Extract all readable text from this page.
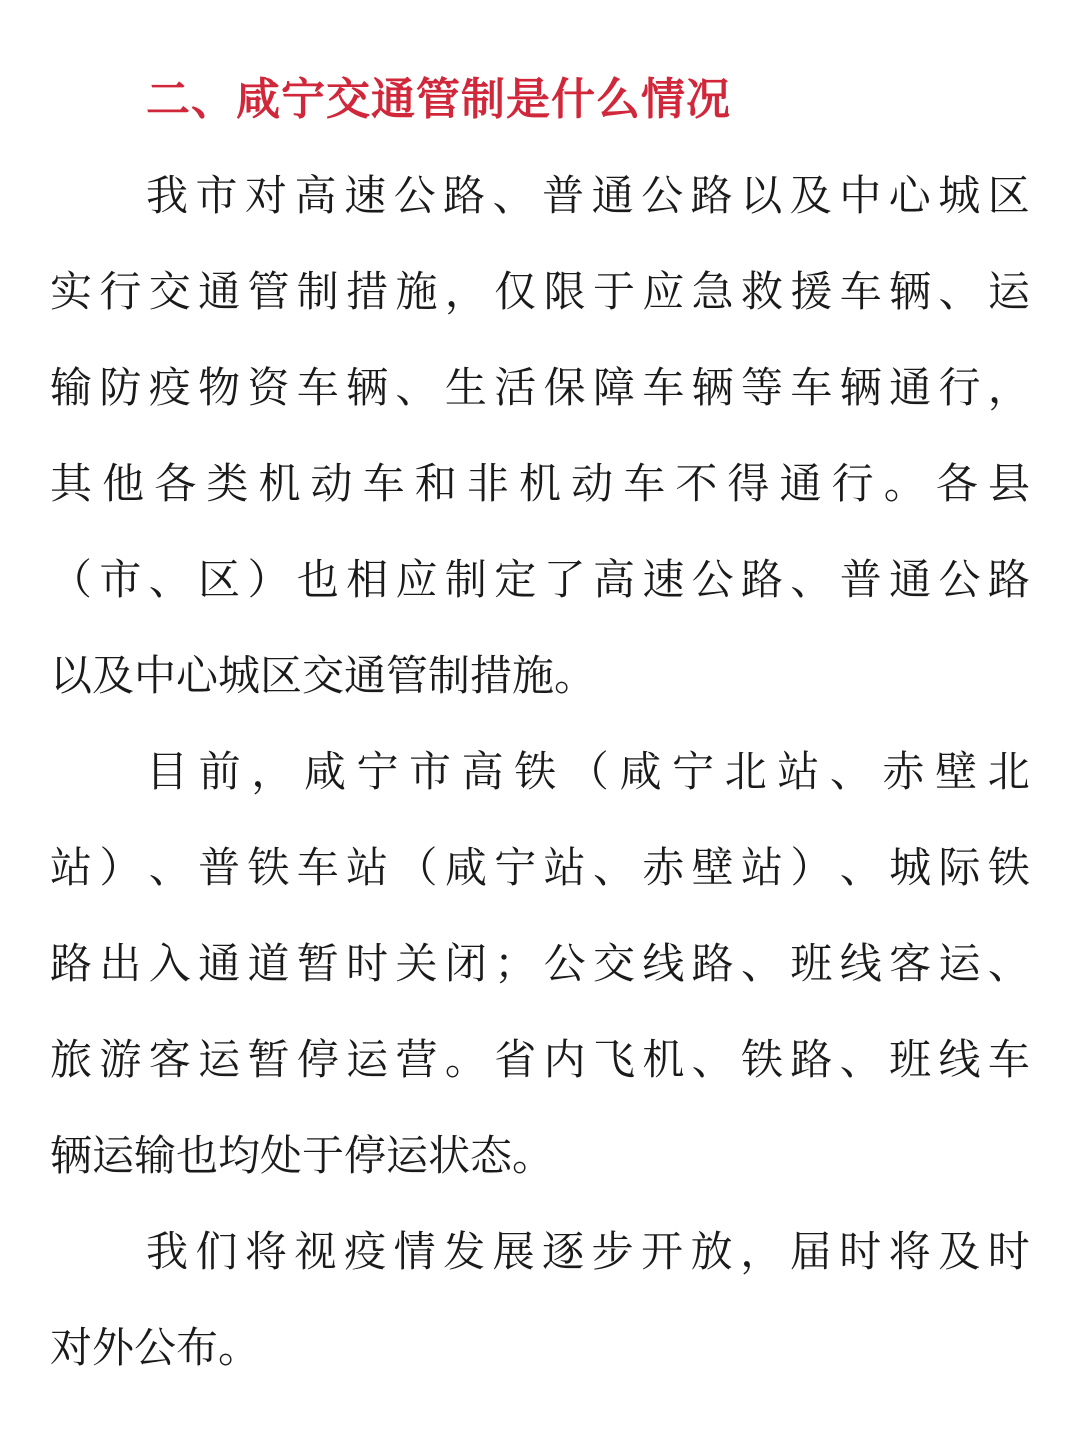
二、咸宁交通管制是什么情况
我 市 对 高 速 公 路 、 普 通 公 路 以 及 中 心 城 区
实 行 交 通 管 制 措 施 ， 仅 限 于 应 急 救 援 车 辆 、 运
输 防 疫 物 资 车 辆 、 生 活 保 障 车 辆 等 车 辆 通 行 ，
其 他 各 类 机 动 车 和 非 机 动 车 不 得 通 行 。 各 县
（ 市 、 区 ） 也 相 应 制 定 了 高 速 公 路 、 普 通 公 路
以及中心城区交通管制措施。
目 前 ， 咸 宁 市 高 铁 （ 咸 宁 北 站 、 赤 壁 北
站 ） 、 普 铁 车 站 （ 咸 宁 站 、 赤 壁 站 ） 、 城 际 铁
路 出 入 通 道 暂 时 关 闭 ； 公 交 线 路 、 班 线 客 运 、
旅 游 客 运 暂 停 运 营 。 省 内 飞 机 、 铁 路 、 班 线 车
辆运输也均处于停运状态。
我 们 将 视 疫 情 发 展 逐 步 开 放 ， 届 时 将 及 时
对外公布。
